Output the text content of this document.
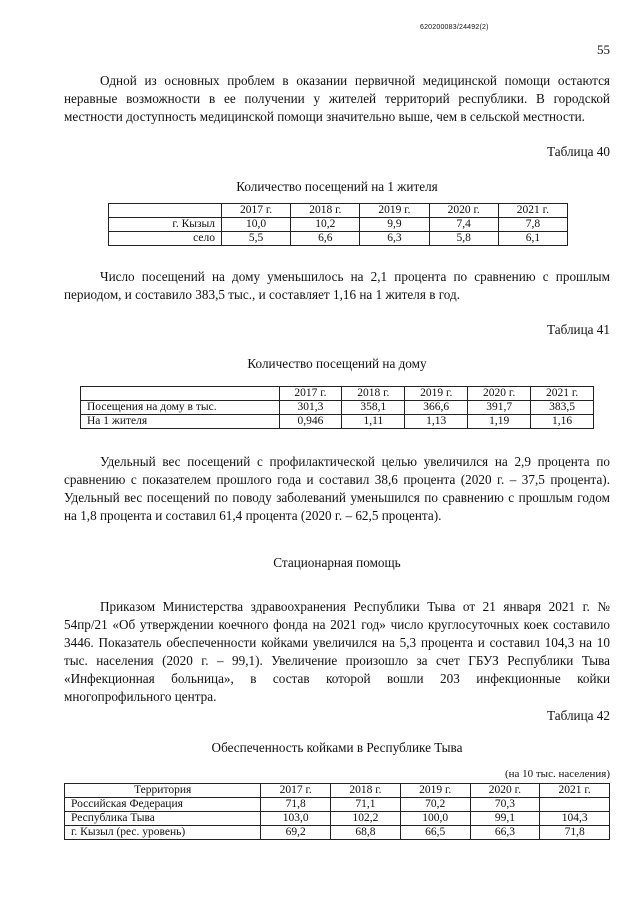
620200083/24492(2)
55

Одной из основных проблем в оказании первичной медицинской помощи остаются неравные возможности в ее получении у жителей территорий республики. В городской местности доступность медицинской помощи значительно выше, чем в сельской местности.

Таблица 40
Количество посещений на 1 жителя
	2017 г.	2018 г.	2019 г.	2020 г.	2021 г.
г. Кызыл	10,0	10,2	9,9	7,4	7,8
село	5,5	6,6	6,3	5,8	6,1

Число посещений на дому уменьшилось на 2,1 процента по сравнению с прошлым периодом, и составило 383,5 тыс., и составляет 1,16 на 1 жителя в год.

Таблица 41
Количество посещений на дому
	2017 г.	2018 г.	2019 г.	2020 г.	2021 г.
Посещения на дому в тыс.	301,3	358,1	366,6	391,7	383,5
На 1 жителя	0,946	1,11	1,13	1,19	1,16

Удельный вес посещений с профилактической целью увеличился на 2,9 процента по сравнению с показателем прошлого года и составил 38,6 процента (2020 г. – 37,5 процента). Удельный вес посещений по поводу заболеваний уменьшился по сравнению с прошлым годом на 1,8 процента и составил 61,4 процента (2020 г. – 62,5 процента).

Стационарная помощь

Приказом Министерства здравоохранения Республики Тыва от 21 января 2021 г. № 54пр/21 «Об утверждении коечного фонда на 2021 год» число круглосуточных коек составило 3446. Показатель обеспеченности койками увеличился на 5,3 процента и составил 104,3 на 10 тыс. населения (2020 г. – 99,1). Увеличение произошло за счет ГБУЗ Республики Тыва «Инфекционная больница», в состав которой вошли 203 инфекционные койки многопрофильного центра.

Таблица 42
Обеспеченность койками в Республике Тыва
(на 10 тыс. населения)
Территория	2017 г.	2018 г.	2019 г.	2020 г.	2021 г.
Российская Федерация	71,8	71,1	70,2	70,3	
Республика Тыва	103,0	102,2	100,0	99,1	104,3
г. Кызыл (рес. уровень)	69,2	68,8	66,5	66,3	71,8
